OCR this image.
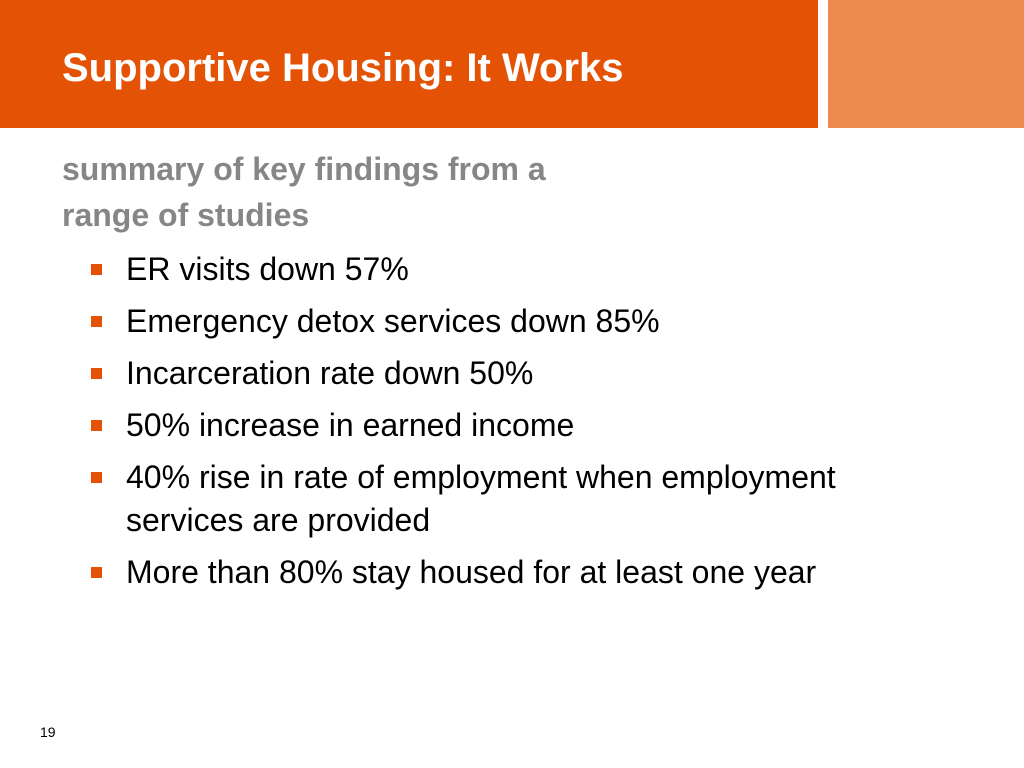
Supportive Housing: It Works
summary of key findings from a
range of studies
ER visits down 57%
Emergency detox services down 85%
Incarceration rate down 50%
50% increase in earned income
40% rise in rate of employment when employment services are provided
More than 80% stay housed for at least one year
19
